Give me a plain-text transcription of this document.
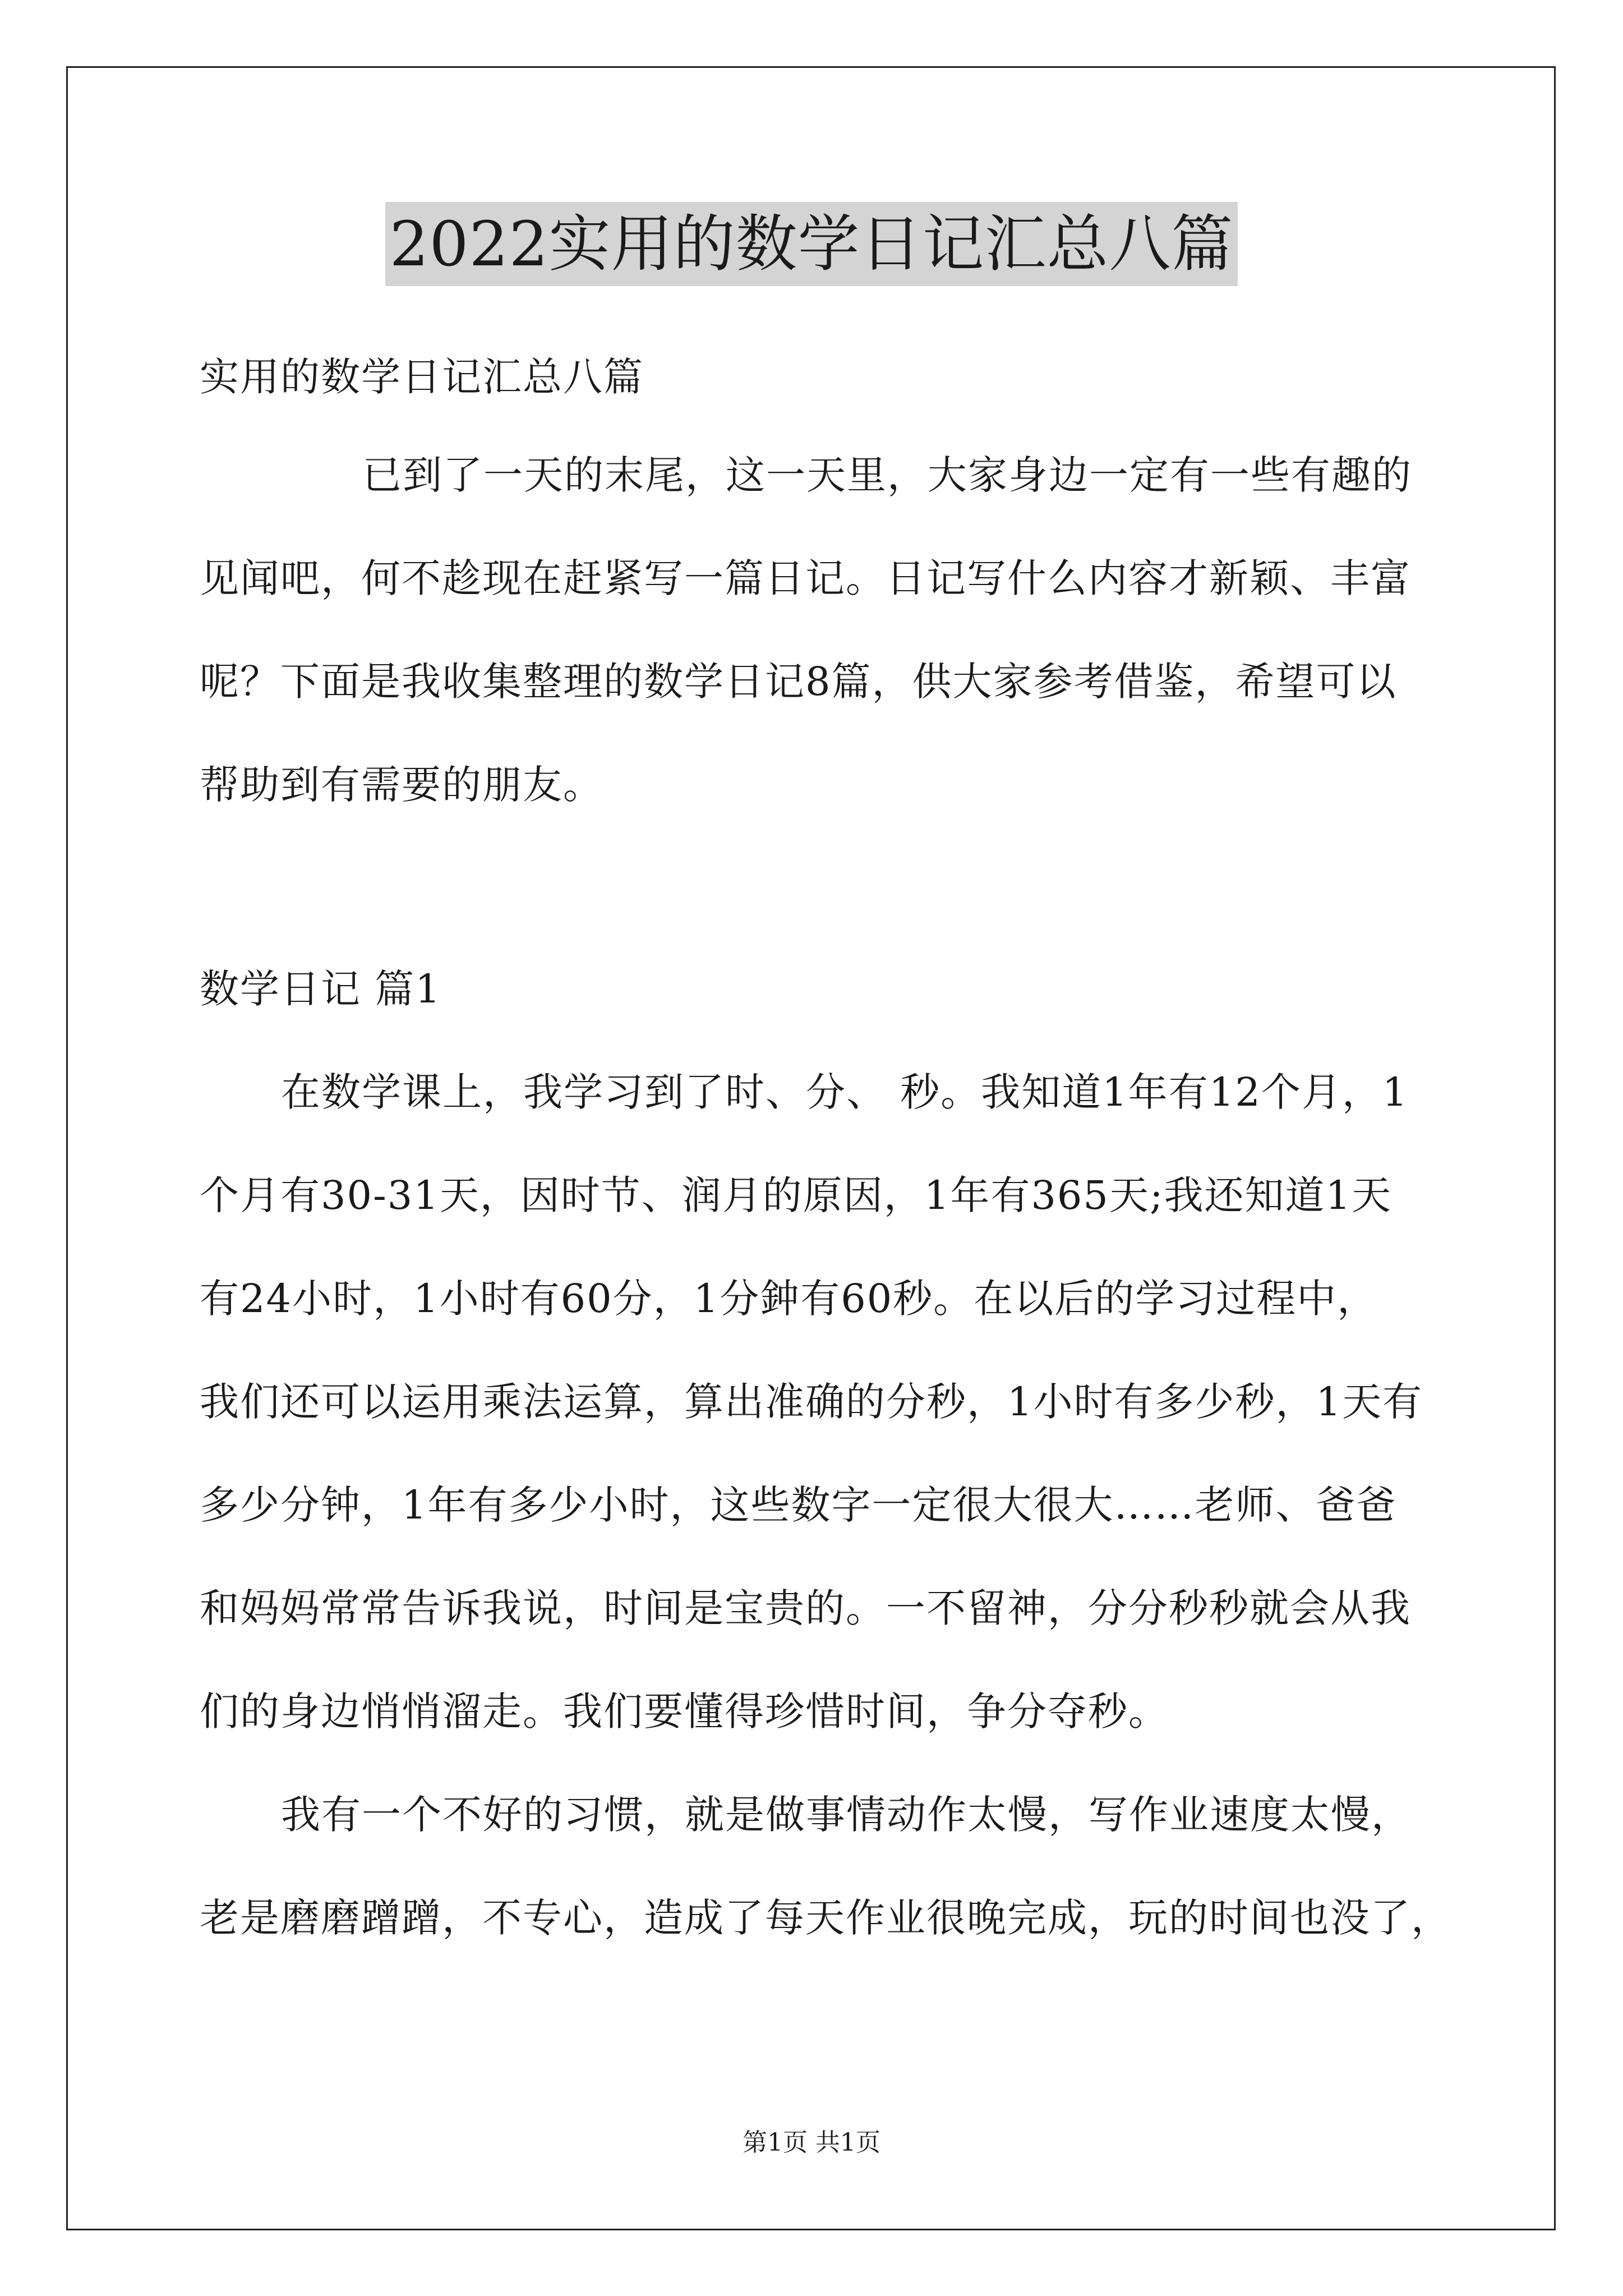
2022实用的数学日记汇总八篇
实用的数学日记汇总八篇
已到了一天的末尾，这一天里，大家身边一定有一些有趣的
见闻吧，何不趁现在赶紧写一篇日记。日记写什么内容才新颖、丰富
呢？下面是我收集整理的数学日记8篇，供大家参考借鉴，希望可以
帮助到有需要的朋友。
数学日记 篇1
在数学课上，我学习到了时、分、 秒。我知道1年有12个月，1
个月有30-31天，因时节、润月的原因，1年有365天;我还知道1天
有24小时，1小时有60分，1分鈡有60秒。在以后的学习过程中，
我们还可以运用乘法运算，算出准确的分秒，1小时有多少秒，1天有
多少分钟，1年有多少小时，这些数字一定很大很大……老师、爸爸
和妈妈常常告诉我说，时间是宝贵的。一不留神，分分秒秒就会从我
们的身边悄悄溜走。我们要懂得珍惜时间，争分夺秒。
我有一个不好的习惯，就是做事情动作太慢，写作业速度太慢，
老是磨磨蹭蹭，不专心，造成了每天作业很晚完成，玩的时间也没了，
第1页 共1页
